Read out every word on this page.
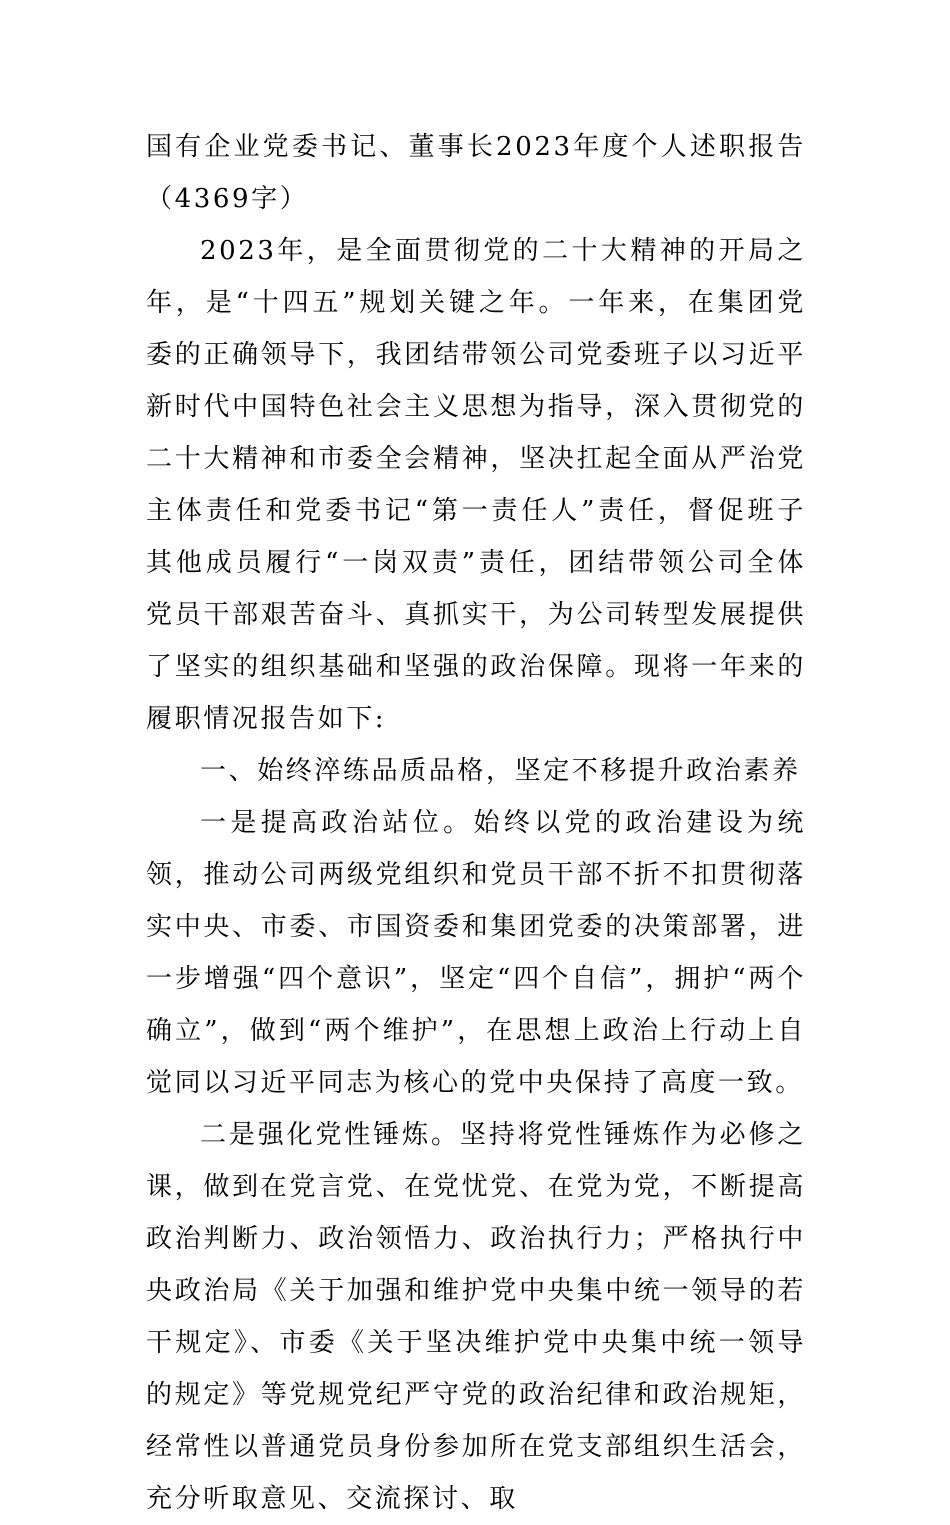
国有企业党委书记、董事长2023年度个人述职报告（4369字）

2023年，是全面贯彻党的二十大精神的开局之年，是“十四五”规划关键之年。一年来，在集团党委的正确领导下，我团结带领公司党委班子以习近平新时代中国特色社会主义思想为指导，深入贯彻党的二十大精神和市委全会精神，坚决扛起全面从严治党主体责任和党委书记“第一责任人”责任，督促班子其他成员履行“一岗双责”责任，团结带领公司全体党员干部艰苦奋斗、真抓实干，为公司转型发展提供了坚实的组织基础和坚强的政治保障。现将一年来的履职情况报告如下:

一、始终淬练品质品格，坚定不移提升政治素养

一是提高政治站位。始终以党的政治建设为统领，推动公司两级党组织和党员干部不折不扣贯彻落实中央、市委、市国资委和集团党委的决策部署，进一步增强“四个意识”，坚定“四个自信”，拥护“两个确立”，做到“两个维护”，在思想上政治上行动上自觉同以习近平同志为核心的党中央保持了高度一致。

二是强化党性锤炼。坚持将党性锤炼作为必修之课，做到在党言党、在党忧党、在党为党，不断提高政治判断力、政治领悟力、政治执行力；严格执行中央政治局《关于加强和维护党中央集中统一领导的若干规定》、市委《关于坚决维护党中央集中统一领导的规定》等党规党纪严守党的政治纪律和政治规矩，经常性以普通党员身份参加所在党支部组织生活会，充分听取意见、交流探讨、取
